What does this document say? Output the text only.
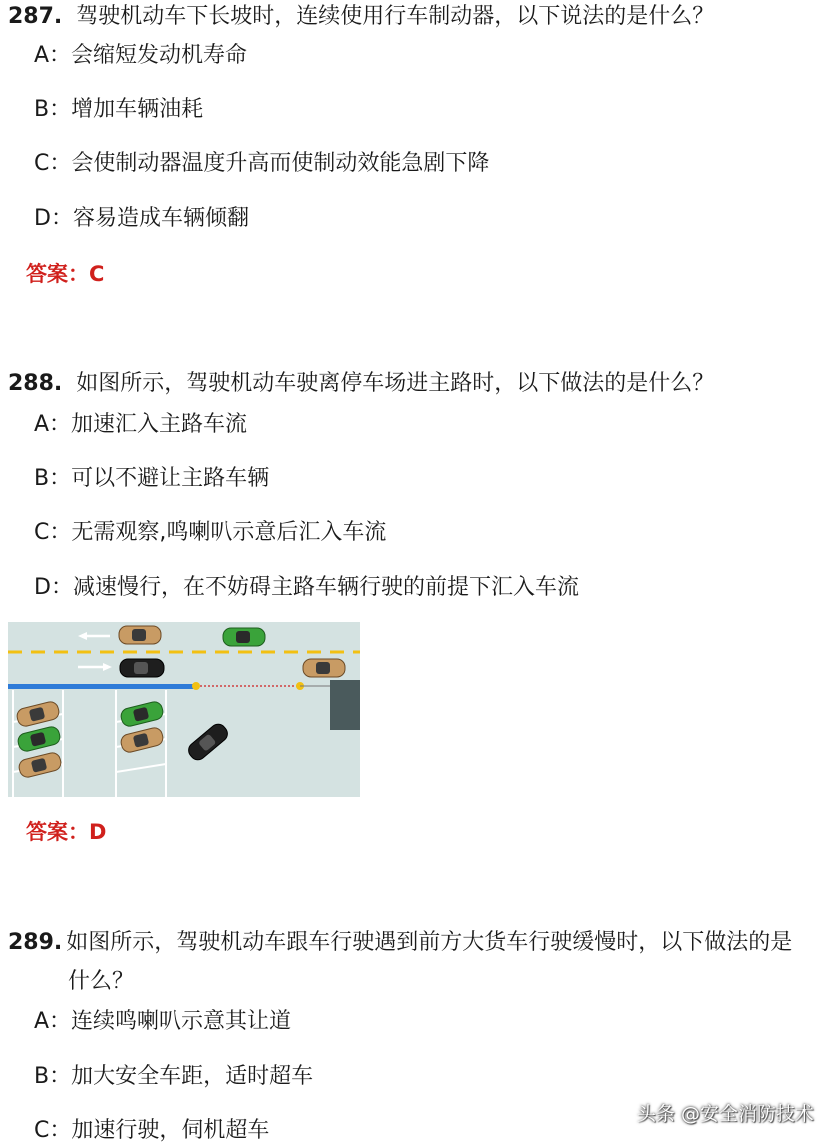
287. 驾驶机动车下长坡时，连续使用行车制动器，以下说法的是什么？
A：会缩短发动机寿命
B：增加车辆油耗
C：会使制动器温度升高而使制动效能急剧下降
D：容易造成车辆倾翻
答案：C
288. 如图所示，驾驶机动车驶离停车场进主路时，以下做法的是什么？
A：加速汇入主路车流
B：可以不避让主路车辆
C：无需观察,鸣喇叭示意后汇入车流
D：减速慢行，在不妨碍主路车辆行驶的前提下汇入车流
答案：D
289. 如图所示，驾驶机动车跟车行驶遇到前方大货车行驶缓慢时，以下做法的是
什么？
A：连续鸣喇叭示意其让道
B：加大安全车距，适时超车
C：加速行驶，伺机超车
头条 @安全消防技术
